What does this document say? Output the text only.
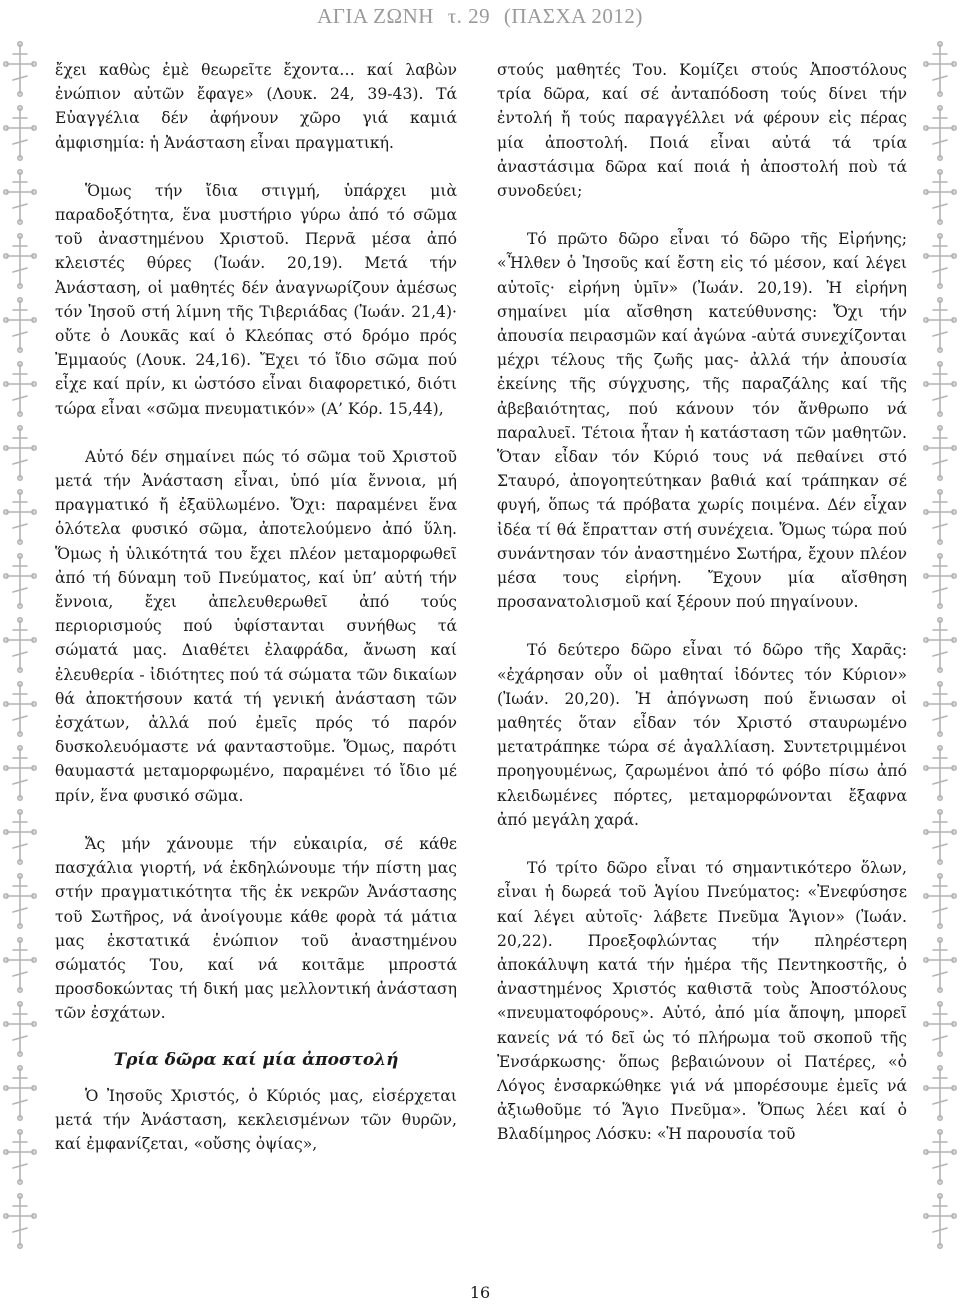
ΑΓΙΑ ΖΩΝΗ τ. 29 (ΠΑΣΧΑ 2012)

ἔχει καθὼς ἐμὲ θεωρεῖτε ἔχοντα… καί λαβὼν ἐνώπιον αὐτῶν ἔφαγε» (Λουκ. 24, 39-43). Τά Εὐαγγέλια δέν ἀφήνουν χῶρο γιά καμιά ἀμφισημία: ἡ Ἀνάσταση εἶναι πραγματική.

Ὅμως τήν ἴδια στιγμή, ὑπάρχει μιὰ παραδοξότητα, ἕνα μυστήριο γύρω ἀπό τό σῶμα τοῦ ἀναστημένου Χριστοῦ. Περνᾶ μέσα ἀπό κλειστές θύρες (Ἰωάν. 20,19). Μετά τήν Ἀνάσταση, οἱ μαθητές δέν ἀναγνωρίζουν ἀμέσως τόν Ἰησοῦ στή λίμνη τῆς Τιβεριάδας (Ἰωάν. 21,4)· οὔτε ὁ Λουκᾶς καί ὁ Κλεόπας στό δρόμο πρός Ἐμμαούς (Λουκ. 24,16). Ἔχει τό ἴδιο σῶμα πού εἶχε καί πρίν, κι ὡστόσο εἶναι διαφορετικό, διότι τώρα εἶναι «σῶμα πνευματικόν» (Α’ Κόρ. 15,44),

Αὐτό δέν σημαίνει πώς τό σῶμα τοῦ Χριστοῦ μετά τήν Ἀνάσταση εἶναι, ὑπό μία ἔννοια, μή πραγματικό ἤ ἐξαϋλωμένο. Ὄχι: παραμένει ἕνα ὁλότελα φυσικό σῶμα, ἀποτελούμενο ἀπό ὕλη. Ὅμως ἡ ὑλικότητά του ἔχει πλέον μεταμορφωθεῖ ἀπό τή δύναμη τοῦ Πνεύματος, καί ὑπ’ αὐτή τήν ἔννοια, ἔχει ἀπελευθερωθεῖ ἀπό τούς περιορισμούς πού ὑφίστανται συνήθως τά σώματά μας. Διαθέτει ἐλαφράδα, ἄνωση καί ἐλευθερία - ἰδιότητες πού τά σώματα τῶν δικαίων θά ἀποκτήσουν κατά τή γενική ἀνάσταση τῶν ἐσχάτων, ἀλλά πού ἐμεῖς πρός τό παρόν δυσκολευόμαστε νά φανταστοῦμε. Ὅμως, παρότι θαυμαστά μεταμορφωμένο, παραμένει τό ἴδιο μέ πρίν, ἕνα φυσικό σῶμα.

Ἄς μήν χάνουμε τήν εὐκαιρία, σέ κάθε πασχάλια γιορτή, νά ἐκδηλώνουμε τήν πίστη μας στήν πραγματικότητα τῆς ἐκ νεκρῶν Ἀνάστασης τοῦ Σωτῆρος, νά ἀνοίγουμε κάθε φορὰ τά μάτια μας ἐκστατικά ἐνώπιον τοῦ ἀναστημένου σώματός Του, καί νά κοιτᾶμε μπροστά προσδοκώντας τή δική μας μελλοντική ἀνάσταση τῶν ἐσχάτων.

Τρία δῶρα καί μία ἀποστολή

Ὁ Ἰησοῦς Χριστός, ὁ Κύριός μας, εἰσέρχεται μετά τήν Ἀνάσταση, κεκλεισμένων τῶν θυρῶν, καί ἐμφανίζεται, «οὔσης ὀψίας»,

στούς μαθητές Του. Κομίζει στούς Ἀποστόλους τρία δῶρα, καί σέ ἀνταπόδοση τούς δίνει τήν ἐντολή ἤ τούς παραγγέλλει νά φέρουν εἰς πέρας μία ἀποστολή. Ποιά εἶναι αὐτά τά τρία ἀναστάσιμα δῶρα καί ποιά ἡ ἀποστολή ποὺ τά συνοδεύει;

Τό πρῶτο δῶρο εἶναι τό δῶρο τῆς Εἰρήνης; «Ἦλθεν ὁ Ἰησοῦς καί ἔστη εἰς τό μέσον, καί λέγει αὐτοῖς· εἰρήνη ὑμῖν» (Ἰωάν. 20,19). Ἡ εἰρήνη σημαίνει μία αἴσθηση κατεύθυνσης: Ὄχι τήν ἀπουσία πειρασμῶν καί ἀγώνα -αὐτά συνεχίζονται μέχρι τέλους τῆς ζωῆς μας- ἀλλά τήν ἀπουσία ἐκείνης τῆς σύγχυσης, τῆς παραζάλης καί τῆς ἀβεβαιότητας, πού κάνουν τόν ἄνθρωπο νά παραλυεῖ. Τέτοια ἦταν ἡ κατάσταση τῶν μαθητῶν. Ὅταν εἶδαν τόν Κύριό τους νά πεθαίνει στό Σταυρό, ἀπογοητεύτηκαν βαθιά καί τράπηκαν σέ φυγή, ὅπως τά πρόβατα χωρίς ποιμένα. Δέν εἶχαν ἰδέα τί θά ἔπρατταν στή συνέχεια. Ὅμως τώρα πού συνάντησαν τόν ἀναστημένο Σωτήρα, ἔχουν πλέον μέσα τους εἰρήνη. Ἔχουν μία αἴσθηση προσανατολισμοῦ καί ξέρουν πού πηγαίνουν.

Τό δεύτερο δῶρο εἶναι τό δῶρο τῆς Χαρᾶς: «ἐχάρησαν οὖν οἱ μαθηταί ἰδόντες τόν Κύριον» (Ἰωάν. 20,20). Ἡ ἀπόγνωση πού ἔνιωσαν οἱ μαθητές ὅταν εἶδαν τόν Χριστό σταυρωμένο μετατράπηκε τώρα σέ ἀγαλλίαση. Συντετριμμένοι προηγουμένως, ζαρωμένοι ἀπό τό φόβο πίσω ἀπό κλειδωμένες πόρτες, μεταμορφώνονται ἔξαφνα ἀπό μεγάλη χαρά.

Τό τρίτο δῶρο εἶναι τό σημαντικότερο ὅλων, εἶναι ἡ δωρεά τοῦ Ἁγίου Πνεύματος: «Ἐνεφύσησε καί λέγει αὐτοῖς· λάβετε Πνεῦμα Ἅγιον» (Ἰωάν. 20,22). Προεξοφλώντας τήν πληρέστερη ἀποκάλυψη κατά τήν ἡμέρα τῆς Πεντηκοστῆς, ὁ ἀναστημένος Χριστός καθιστᾶ τοὺς Ἀποστόλους «πνευματοφόρους». Αὐτό, ἀπό μία ἄποψη, μπορεῖ κανείς νά τό δεῖ ὡς τό πλήρωμα τοῦ σκοποῦ τῆς Ἐνσάρκωσης· ὅπως βεβαιώνουν οἱ Πατέρες, «ὁ Λόγος ἐνσαρκώθηκε γιά νά μπορέσουμε ἐμεῖς νά ἀξιωθοῦμε τό Ἅγιο Πνεῦμα». Ὅπως λέει καί ὁ Βλαδίμηρος Λόσκυ: «Ἡ παρουσία τοῦ

16
